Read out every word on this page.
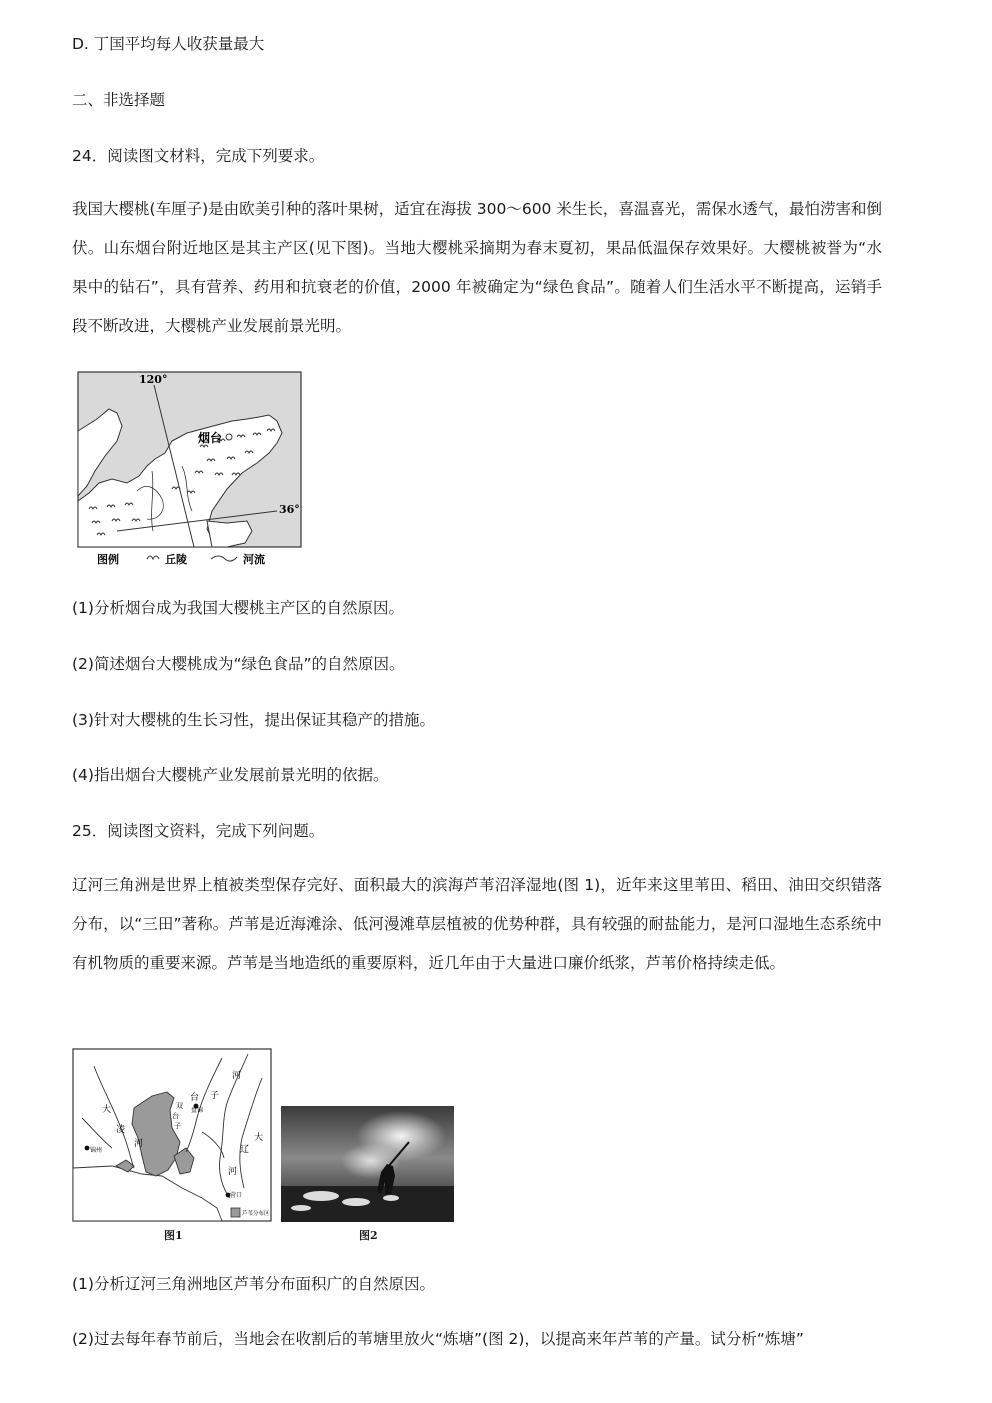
D. 丁国平均每人收获量最大
二、非选择题
24．阅读图文材料，完成下列要求。
我国大樱桃(车厘子)是由欧美引种的落叶果树，适宜在海拔 300～600 米生长，喜温喜光，需保水透气，最怕涝害和倒伏。山东烟台附近地区是其主产区(见下图)。当地大樱桃采摘期为春末夏初，果品低温保存效果好。大樱桃被誉为“水果中的钻石”，具有营养、药用和抗衰老的价值，2000 年被确定为“绿色食品”。随着人们生活水平不断提高，运销手段不断改进，大樱桃产业发展前景光明。
120°
36°
烟台
图例	丘陵	河流
(1)分析烟台成为我国大樱桃主产区的自然原因。
(2)简述烟台大樱桃成为“绿色食品”的自然原因。
(3)针对大樱桃的生长习性，提出保证其稳产的措施。
(4)指出烟台大樱桃产业发展前景光明的依据。
25．阅读图文资料，完成下列问题。
辽河三角洲是世界上植被类型保存完好、面积最大的滨海芦苇沼泽湿地(图 1)，近年来这里苇田、稻田、油田交织错落分布，以“三田”著称。芦苇是近海滩涂、低河漫滩草层植被的优势种群，具有较强的耐盐能力，是河口湿地生态系统中有机物质的重要来源。芦苇是当地造纸的重要原料，近几年由于大量进口廉价纸浆，芦苇价格持续走低。
大
凌
河
锦州
台 子
河
盘锦
双
台
子
大
辽
河
营口
芦苇分布区
图1	图2
(1)分析辽河三角洲地区芦苇分布面积广的自然原因。
(2)过去每年春节前后，当地会在收割后的苇塘里放火“炼塘”(图 2)，以提高来年芦苇的产量。试分析“炼塘”
